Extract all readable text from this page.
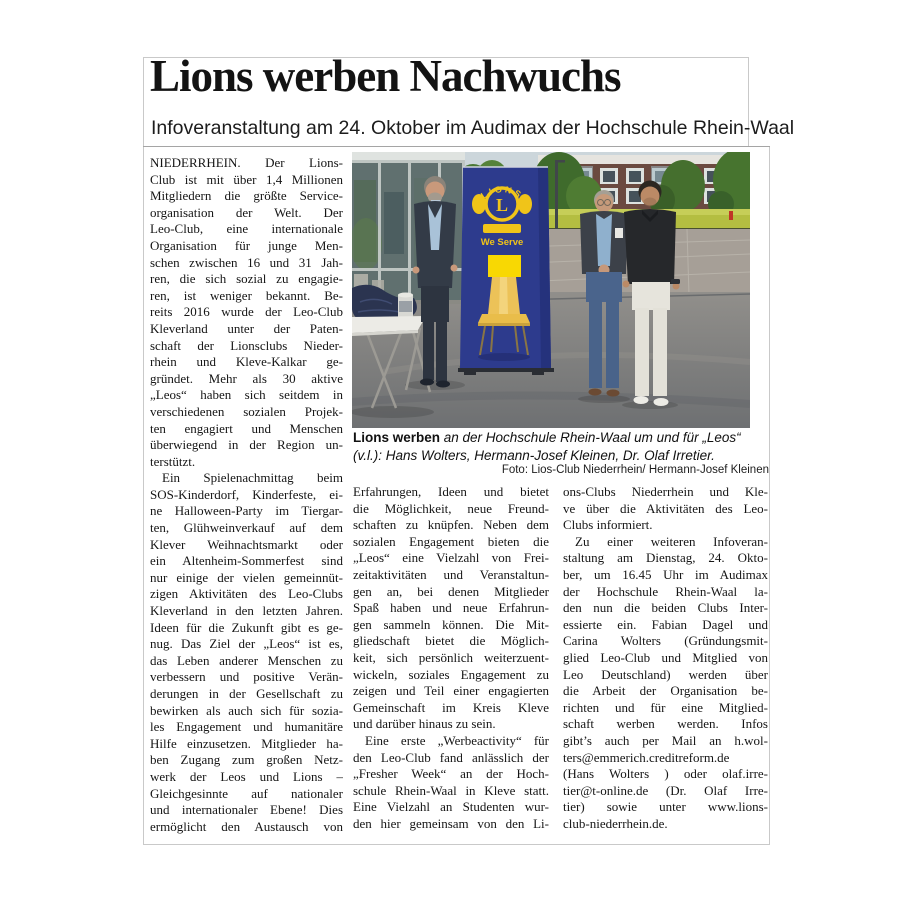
Lions werben Nachwuchs
Infoveranstaltung am 24. Oktober im Audimax der Hochschule Rhein-Waal
L
LIONS
We Serve
Lions werben an der Hochschule Rhein-Waal um und für „Leos“ (v.l.): Hans Wolters, Hermann-Josef Kleinen, Dr. Olaf Irretier.
Foto: Lios-Club Niederrhein/ Hermann-Josef Kleinen
NIEDERRHEIN. Der Lions-
Club ist mit über 1,4 Millionen
Mitgliedern die größte Service-
organisation der Welt. Der
Leo-Club, eine internationale
Organisation für junge Men-
schen zwischen 16 und 31 Jah-
ren, die sich sozial zu engagie-
ren, ist weniger bekannt. Be-
reits 2016 wurde der Leo-Club
Kleverland unter der Paten-
schaft der Lionsclubs Nieder-
rhein und Kleve-Kalkar ge-
gründet. Mehr als 30 aktive
„Leos“ haben sich seitdem in
verschiedenen sozialen Projek-
ten engagiert und Menschen
überwiegend in der Region un-
terstützt.
Ein Spielenachmittag beim
SOS-Kinderdorf, Kinderfeste, ei-
ne Halloween-Party im Tiergar-
ten, Glühweinverkauf auf dem
Klever Weihnachtsmarkt oder
ein Altenheim-Sommerfest sind
nur einige der vielen gemeinnüt-
zigen Aktivitäten des Leo-Clubs
Kleverland in den letzten Jahren.
Ideen für die Zukunft gibt es ge-
nug. Das Ziel der „Leos“ ist es,
das Leben anderer Menschen zu
verbessern und positive Verän-
derungen in der Gesellschaft zu
bewirken als auch sich für sozia-
les Engagement und humanitäre
Hilfe einzusetzen. Mitglieder ha-
ben Zugang zum großen Netz-
werk der Leos und Lions –
Gleichgesinnte auf nationaler
und internationaler Ebene! Dies
ermöglicht den Austausch von
Erfahrungen, Ideen und bietet
die Möglichkeit, neue Freund-
schaften zu knüpfen. Neben dem
sozialen Engagement bieten die
„Leos“ eine Vielzahl von Frei-
zeitaktivitäten und Veranstaltun-
gen an, bei denen Mitglieder
Spaß haben und neue Erfahrun-
gen sammeln können. Die Mit-
gliedschaft bietet die Möglich-
keit, sich persönlich weiterzuent-
wickeln, soziales Engagement zu
zeigen und Teil einer engagierten
Gemeinschaft im Kreis Kleve
und darüber hinaus zu sein.
Eine erste „Werbeactivity“ für
den Leo-Club fand anlässlich der
„Fresher Week“ an der Hoch-
schule Rhein-Waal in Kleve statt.
Eine Vielzahl an Studenten wur-
den hier gemeinsam von den Li-
ons-Clubs Niederrhein und Kle-
ve über die Aktivitäten des Leo-
Clubs informiert.
Zu einer weiteren Infoveran-
staltung am Dienstag, 24. Okto-
ber, um 16.45 Uhr im Audimax
der Hochschule Rhein-Waal la-
den nun die beiden Clubs Inter-
essierte ein. Fabian Dagel und
Carina Wolters (Gründungsmit-
glied Leo-Club und Mitglied von
Leo Deutschland) werden über
die Arbeit der Organisation be-
richten und für eine Mitglied-
schaft werben werden. Infos
gibt’s auch per Mail an h.wol-
ters@emmerich.creditreform.de
(Hans Wolters ) oder olaf.irre-
tier@t-online.de (Dr. Olaf Irre-
tier) sowie unter www.lions-
club-niederrhein.de.
